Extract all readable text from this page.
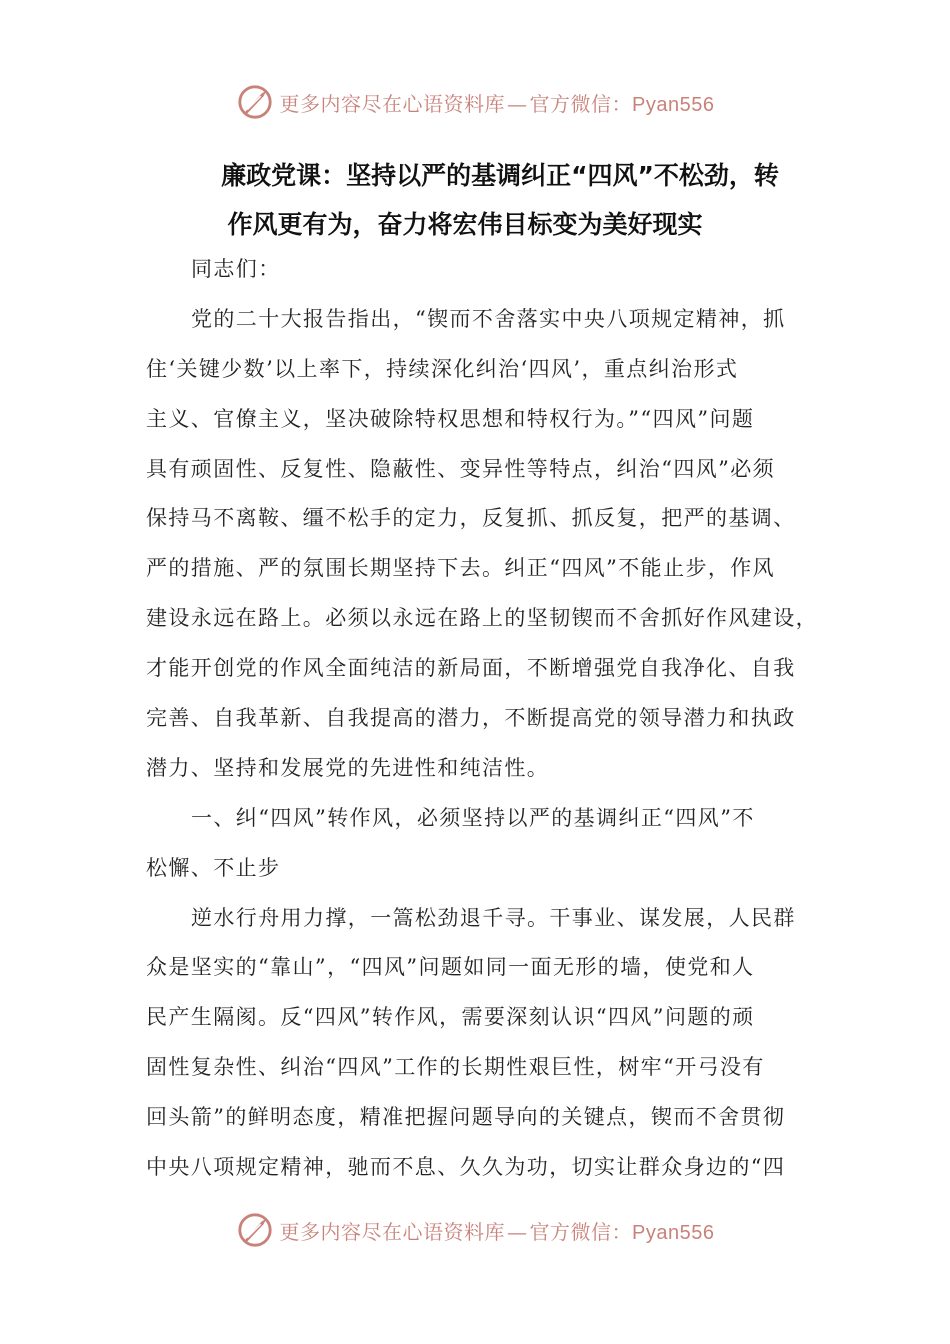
更多内容尽在心语资料库 — 官方微信：Pyan556
廉政党课：坚持以严的基调纠正“四风”不松劲，转
作风更有为，奋力将宏伟目标变为美好现实
同志们：
党的二十大报告指出，“锲而不舍落实中央八项规定精神，抓
住‘关键少数’以上率下，持续深化纠治‘四风’，重点纠治形式
主义、官僚主义，坚决破除特权思想和特权行为。”“四风”问题
具有顽固性、反复性、隐蔽性、变异性等特点，纠治“四风”必须
保持马不离鞍、缰不松手的定力，反复抓、抓反复，把严的基调、
严的措施、严的氛围长期坚持下去。纠正“四风”不能止步，作风
建设永远在路上。必须以永远在路上的坚韧锲而不舍抓好作风建设，
才能开创党的作风全面纯洁的新局面，不断增强党自我净化、自我
完善、自我革新、自我提高的潜力，不断提高党的领导潜力和执政
潜力、坚持和发展党的先进性和纯洁性。
一、纠“四风”转作风，必须坚持以严的基调纠正“四风”不
松懈、不止步
逆水行舟用力撑，一篙松劲退千寻。干事业、谋发展，人民群
众是坚实的“靠山”，“四风”问题如同一面无形的墙，使党和人
民产生隔阂。反“四风”转作风，需要深刻认识“四风”问题的顽
固性复杂性、纠治“四风”工作的长期性艰巨性，树牢“开弓没有
回头箭”的鲜明态度，精准把握问题导向的关键点，锲而不舍贯彻
中央八项规定精神，驰而不息、久久为功，切实让群众身边的“四
更多内容尽在心语资料库 — 官方微信：Pyan556
